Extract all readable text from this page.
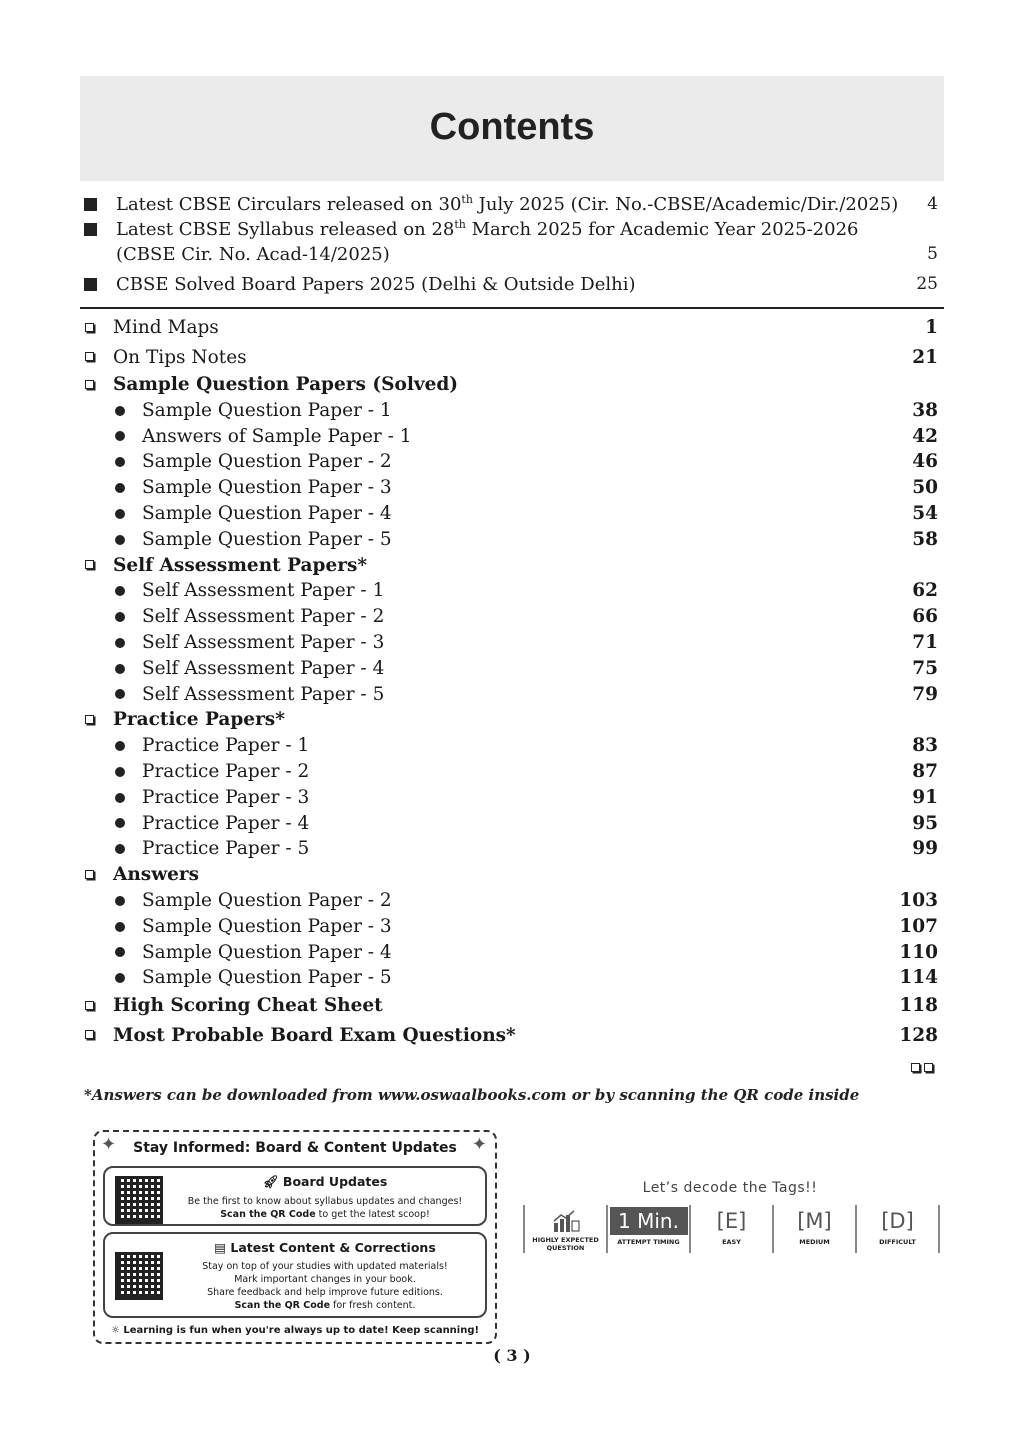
Contents
Latest CBSE Circulars released on 30th July 2025 (Cir. No.-CBSE/Academic/Dir./2025) 4
Latest CBSE Syllabus released on 28th March 2025 for Academic Year 2025-2026
(CBSE Cir. No. Acad-14/2025)	5
CBSE Solved Board Papers 2025 (Delhi & Outside Delhi)	25
Mind Maps	1
On Tips Notes	21
Sample Question Papers (Solved)
Sample Question Paper - 1	38
Answers of Sample Paper - 1	42
Sample Question Paper - 2	46
Sample Question Paper - 3	50
Sample Question Paper - 4	54
Sample Question Paper - 5	58
Self Assessment Papers*
Self Assessment Paper - 1	62
Self Assessment Paper - 2	66
Self Assessment Paper - 3	71
Self Assessment Paper - 4	75
Self Assessment Paper - 5	79
Practice Papers*
Practice Paper - 1	83
Practice Paper - 2	87
Practice Paper - 3	91
Practice Paper - 4	95
Practice Paper - 5	99
Answers
Sample Question Paper - 2	103
Sample Question Paper - 3	107
Sample Question Paper - 4	110
Sample Question Paper - 5	114
High Scoring Cheat Sheet	118
Most Probable Board Exam Questions*	128
*Answers can be downloaded from www.oswaalbooks.com or by scanning the QR code inside
✦	✦
Stay Informed: Board & Content Updates
🚀︎ Board Updates
Be the first to know about syllabus updates and changes!
Scan the QR Code to get the latest scoop!
▤ Latest Content & Corrections
Stay on top of your studies with updated materials!
Mark important changes in your book.
Share feedback and help improve future editions.
Scan the QR Code for fresh content.
☼ Learning is fun when you're always up to date! Keep scanning!
Let’s decode the Tags!!
HIGHLY EXPECTED QUESTION
1 Min.
ATTEMPT TIMING
[E]
EASY
[M]
MEDIUM
[D]
DIFFICULT
( 3 )
